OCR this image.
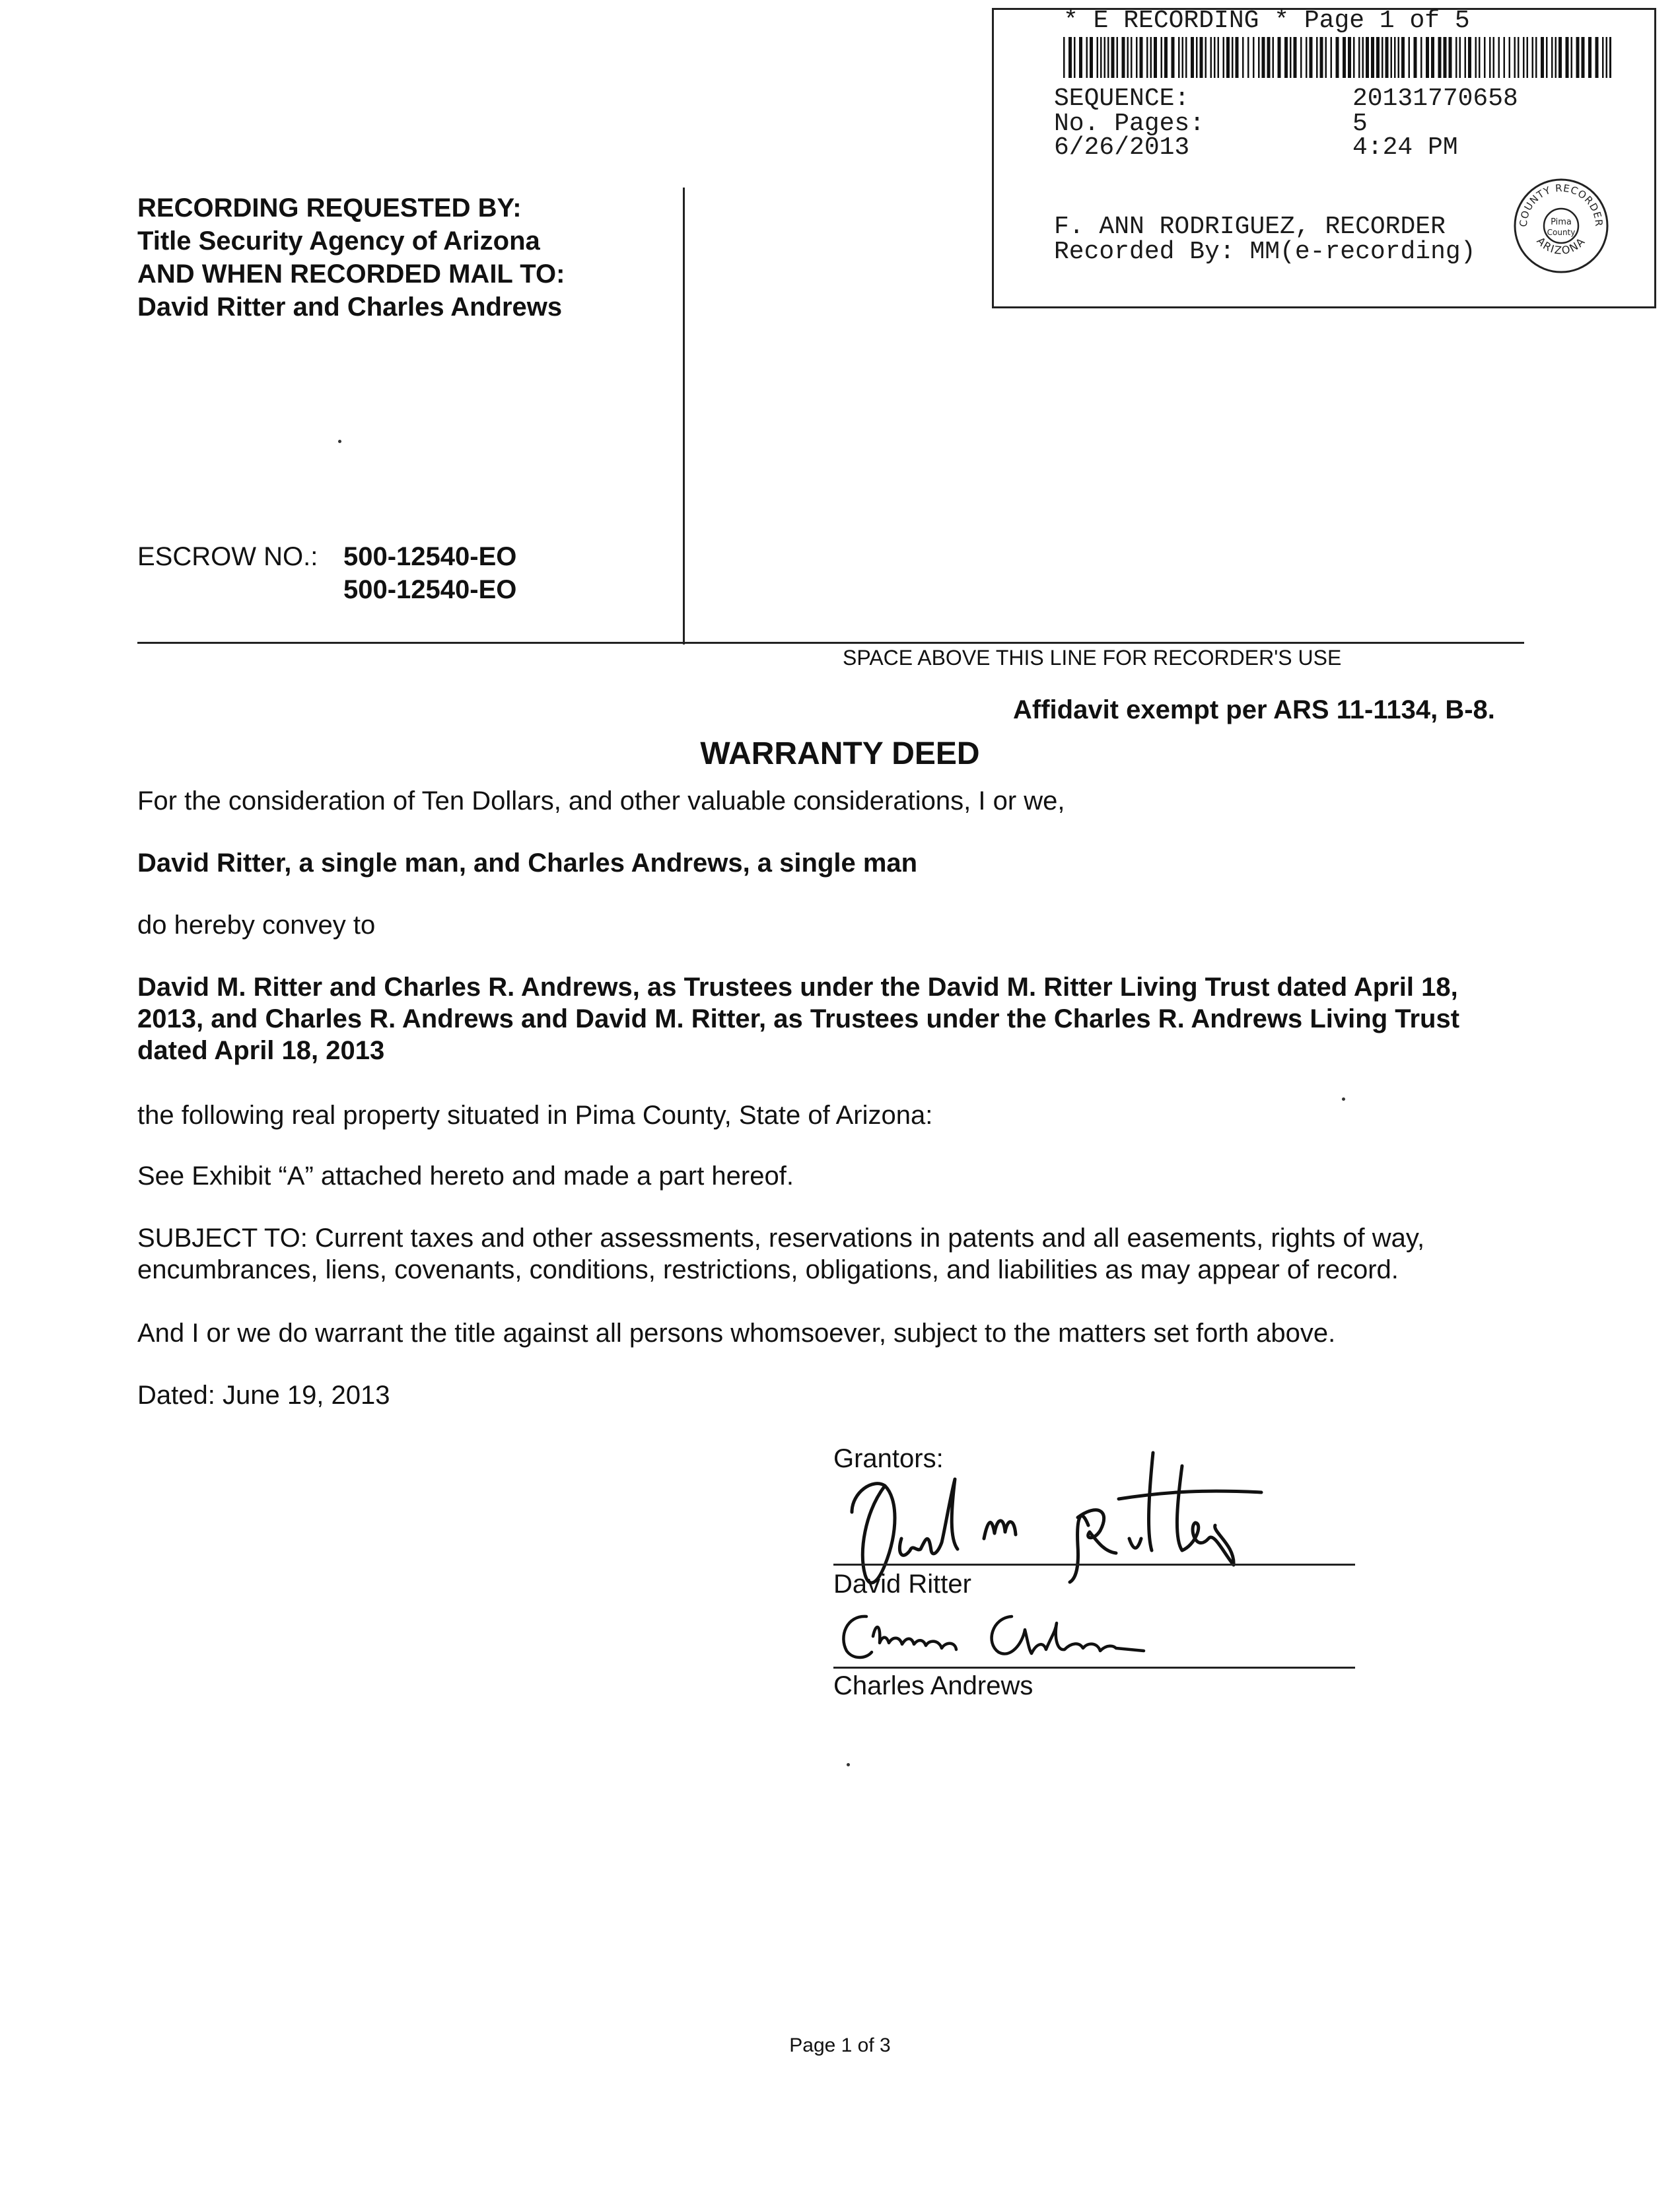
* E RECORDING * Page 1 of 5
SEQUENCE:	20131770658
No. Pages:	5
6/26/2013	4:24 PM
F. ANN RODRIGUEZ, RECORDER
Recorded By: MM(e-recording)
COUNTY RECORDER
ARIZONA
Pima
County
RECORDING REQUESTED BY:
Title Security Agency of Arizona
AND WHEN RECORDED MAIL TO:
David Ritter and Charles Andrews
ESCROW NO.: 500-12540-EO
500-12540-EO
SPACE ABOVE THIS LINE FOR RECORDER'S USE
Affidavit exempt per ARS 11-1134, B-8.
WARRANTY DEED
For the consideration of Ten Dollars, and other valuable considerations, I or we,
David Ritter, a single man, and Charles Andrews, a single man
do hereby convey to
David M. Ritter and Charles R. Andrews, as Trustees under the David M. Ritter Living Trust dated April 18,
2013, and Charles R. Andrews and David M. Ritter, as Trustees under the Charles R. Andrews Living Trust
dated April 18, 2013
the following real property situated in Pima County, State of Arizona:
See Exhibit “A” attached hereto and made a part hereof.
SUBJECT TO: Current taxes and other assessments, reservations in patents and all easements, rights of way,
encumbrances, liens, covenants, conditions, restrictions, obligations, and liabilities as may appear of record.
And I or we do warrant the title against all persons whomsoever, subject to the matters set forth above.
Dated: June 19, 2013
Grantors:
David Ritter
Charles Andrews
Page 1 of 3
